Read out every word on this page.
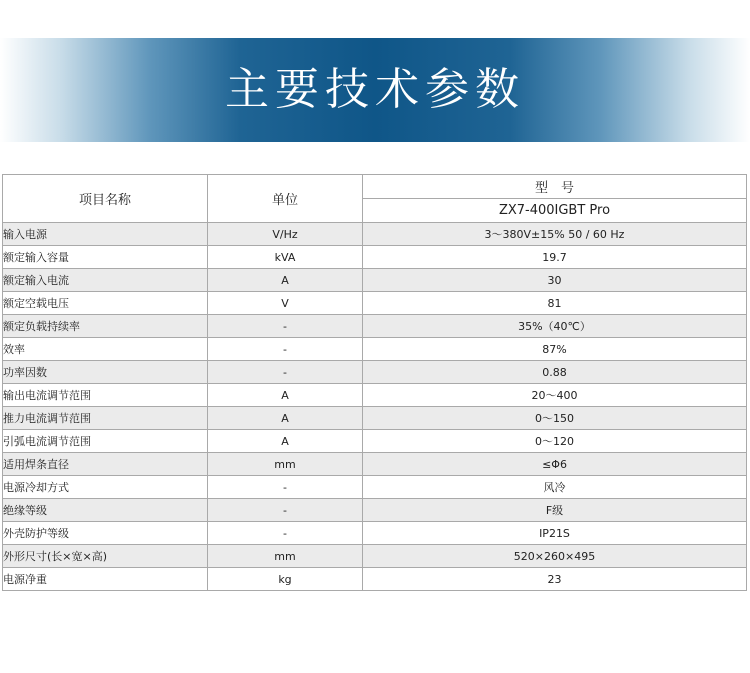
主要技术参数
项目名称	单位	型　号
		ZX7-400IGBT Pro
输入电源	V/Hz	3～380V±15% 50 / 60 Hz
额定输入容量	kVA	19.7
额定输入电流	A	30
额定空载电压	V	81
额定负载持续率	-	35%（40℃）
效率	-	87%
功率因数	-	0.88
输出电流调节范围	A	20～400
推力电流调节范围	A	0～150
引弧电流调节范围	A	0～120
适用焊条直径	mm	≤Φ6
电源冷却方式	-	风冷
绝缘等级	-	F级
外壳防护等级	-	IP21S
外形尺寸(长×宽×高)	mm	520×260×495
电源净重	kg	23
